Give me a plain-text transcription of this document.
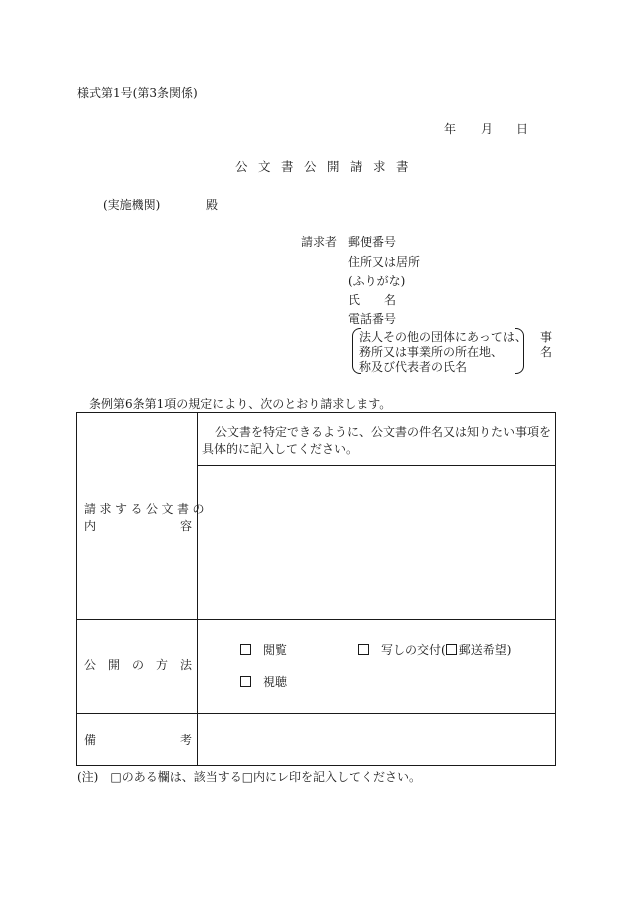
様式第1号(第3条関係)
年 月 日
公文書公開請求書
(実施機関)	殿
請求者 郵便番号
住所又は居所
(ふりがな)
氏　　名
電話番号
法人その他の団体にあっては、
務所又は事業所の所在地、
称及び代表者の氏名
事
名
条例第6条第1項の規定により、次のとおり請求します。
公文書を特定できるように、公文書の件名又は知りたい事項を
具体的に記入してください。
請求する公文書の
内　　　　　　　容
公　開　の　方　法
閲覧	写しの交付( 郵送希望)
視聴
備　　　　　　　考
(注)　□のある欄は、該当する□内にレ印を記入してください。
